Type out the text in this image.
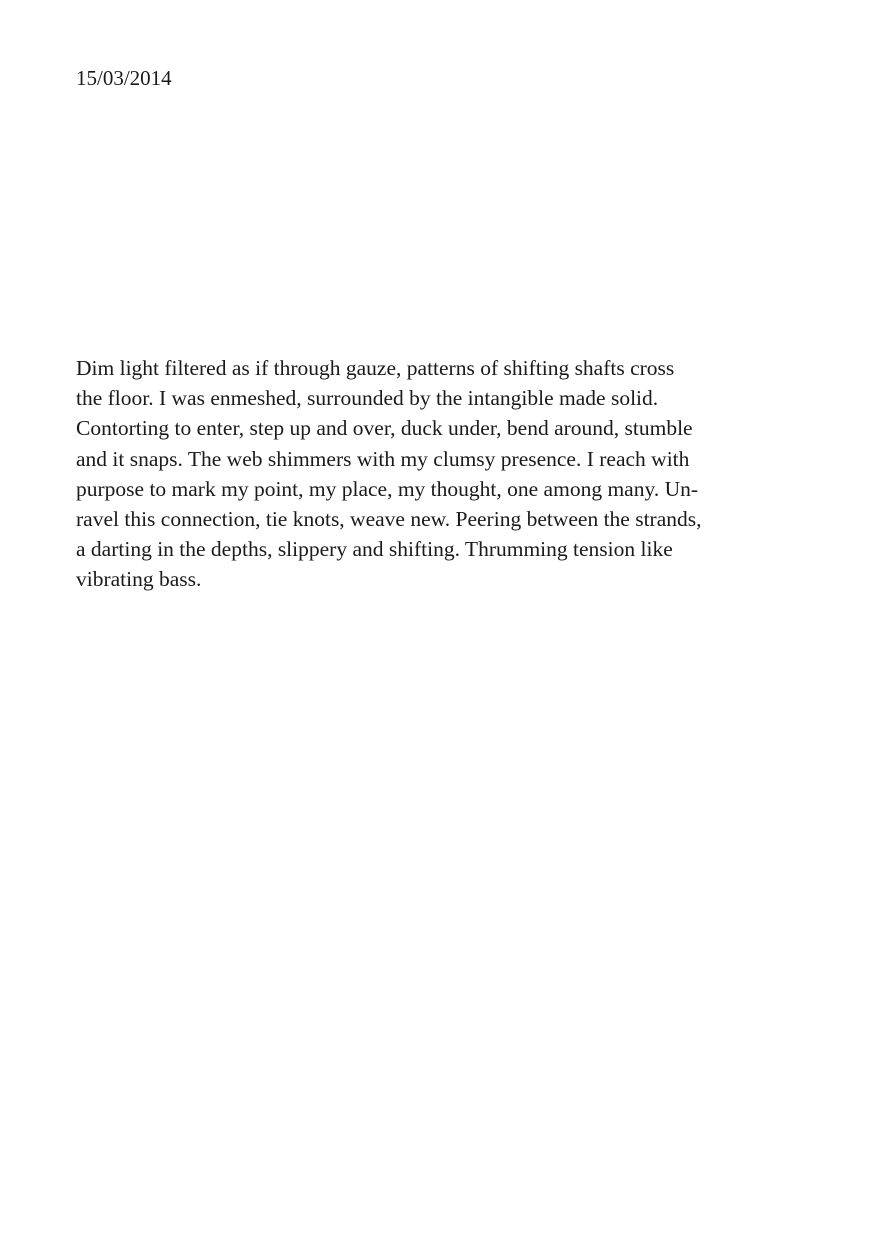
15/03/2014
Dim light filtered as if through gauze, patterns of shifting shafts cross
the floor. I was enmeshed, surrounded by the intangible made solid.
Contorting to enter, step up and over, duck under, bend around, stumble
and it snaps. The web shimmers with my clumsy presence. I reach with
purpose to mark my point, my place, my thought, one among many. Un-
ravel this connection, tie knots, weave new. Peering between the strands,
a darting in the depths, slippery and shifting. Thrumming tension like
vibrating bass.
